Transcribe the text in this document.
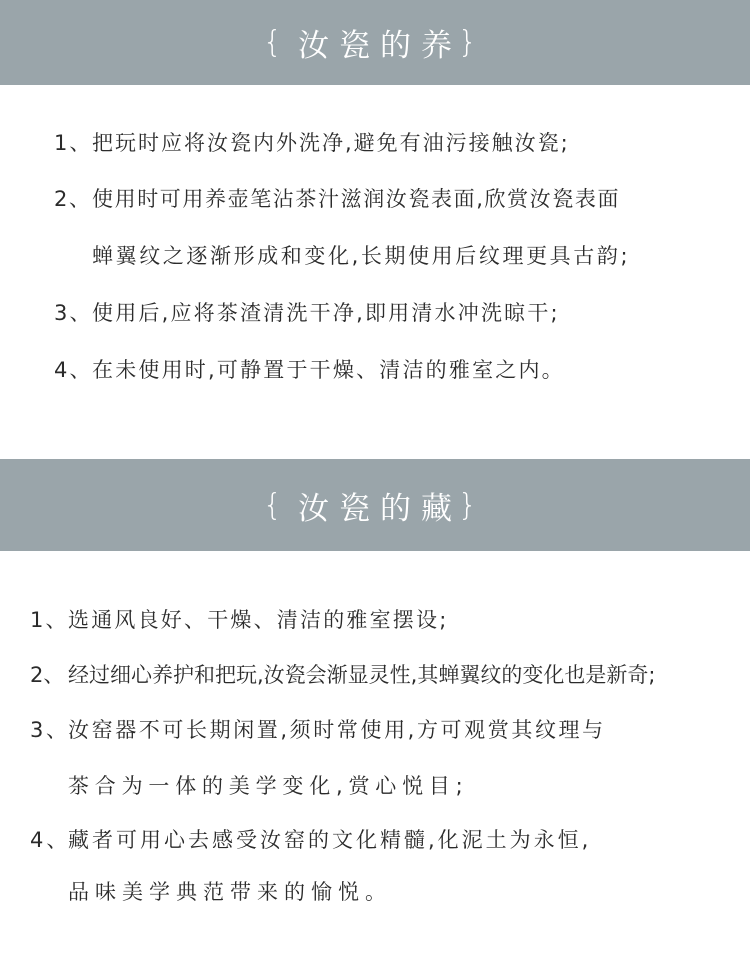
{ 汝瓷的养
}
1、把玩时应将汝瓷内外洗净,避免有油污接触汝瓷;
2、使用时可用养壶笔沾茶汁滋润汝瓷表面,欣赏汝瓷表面
蝉翼纹之逐渐形成和变化,长期使用后纹理更具古韵;
3、使用后,应将茶渣清洗干净,即用清水冲洗晾干;
4、在未使用时,可静置于干燥、清洁的雅室之内。
{ 汝瓷的藏
}
1、选通风良好、干燥、清洁的雅室摆设;
2、 经过细心养护和把玩,汝瓷会渐显灵性,其蝉翼纹的变化也是新奇;
3、汝窑器不可长期闲置,须时常使用,方可观赏其纹理与
茶合为一体的美学变化,赏心悦目;
4、藏者可用心去感受汝窑的文化精髓,化泥土为永恒,
品味美学典范带来的愉悦。
